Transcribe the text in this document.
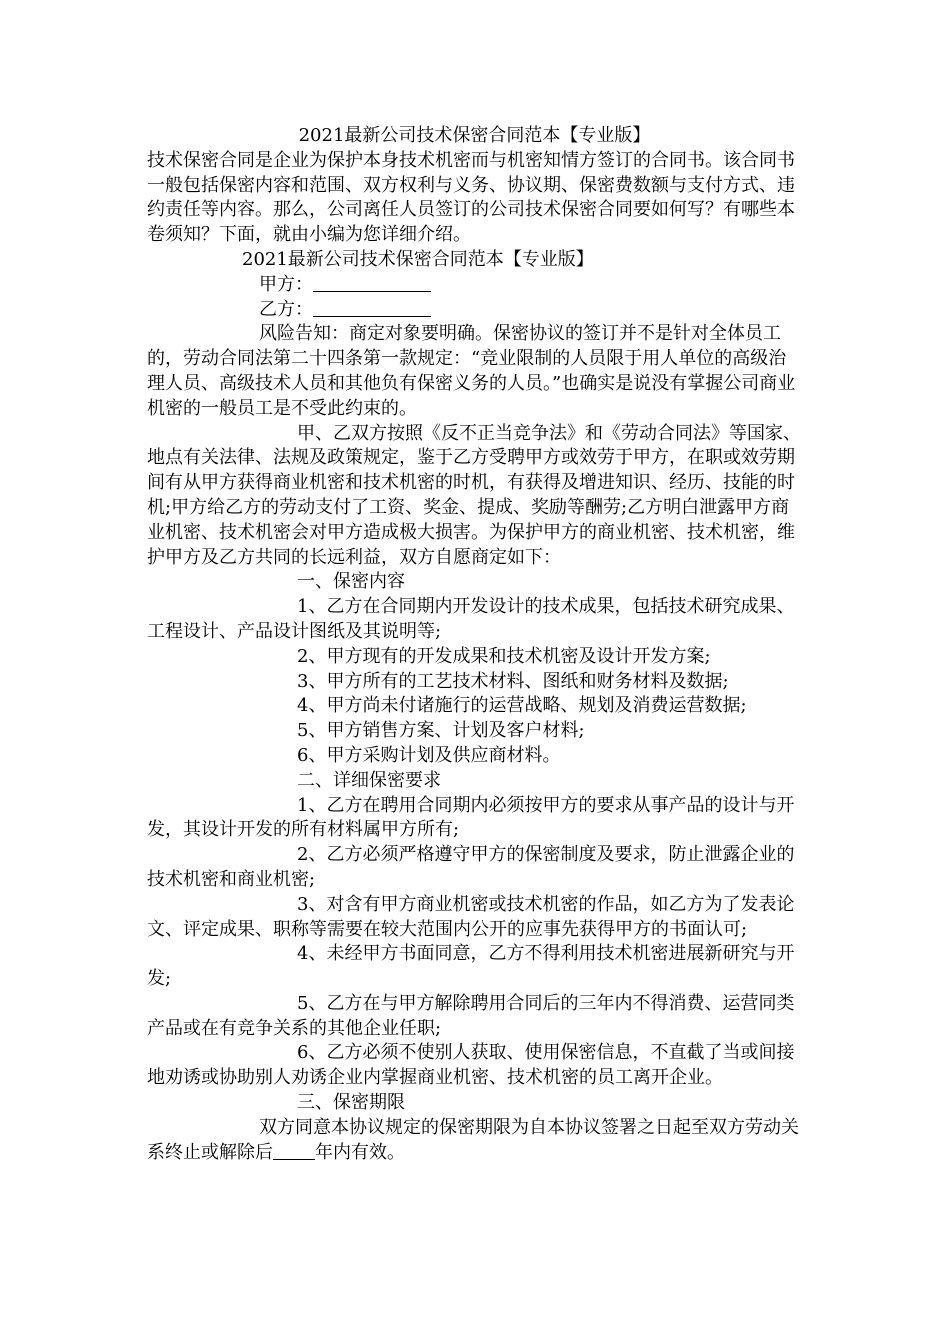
2021最新公司技术保密合同范本【专业版】

技术保密合同是企业为保护本身技术机密而与机密知情方签订的合同书。该合同书一般包括保密内容和范围、双方权利与义务、协议期、保密费数额与支付方式、违约责任等内容。那么，公司离任人员签订的公司技术保密合同要如何写？有哪些本卷须知？下面，就由小编为您详细介绍。

2021最新公司技术保密合同范本【专业版】

甲方：

乙方：

风险告知：商定对象要明确。保密协议的签订并不是针对全体员工的，劳动合同法第二十四条第一款规定：“竞业限制的人员限于用人单位的高级治理人员、高级技术人员和其他负有保密义务的人员。”也确实是说没有掌握公司商业机密的一般员工是不受此约束的。

甲、乙双方按照《反不正当竞争法》和《劳动合同法》等国家、地点有关法律、法规及政策规定，鉴于乙方受聘甲方或效劳于甲方，在职或效劳期间有从甲方获得商业机密和技术机密的时机，有获得及增进知识、经历、技能的时机;甲方给乙方的劳动支付了工资、奖金、提成、奖励等酬劳;乙方明白泄露甲方商业机密、技术机密会对甲方造成极大损害。为保护甲方的商业机密、技术机密，维护甲方及乙方共同的长远利益，双方自愿商定如下：

一、保密内容

1、乙方在合同期内开发设计的技术成果，包括技术研究成果、工程设计、产品设计图纸及其说明等;

2、甲方现有的开发成果和技术机密及设计开发方案;

3、甲方所有的工艺技术材料、图纸和财务材料及数据;

4、甲方尚未付诸施行的运营战略、规划及消费运营数据;

5、甲方销售方案、计划及客户材料;

6、甲方采购计划及供应商材料。

二、详细保密要求

1、乙方在聘用合同期内必须按甲方的要求从事产品的设计与开发，其设计开发的所有材料属甲方所有;

2、乙方必须严格遵守甲方的保密制度及要求，防止泄露企业的技术机密和商业机密;

3、对含有甲方商业机密或技术机密的作品，如乙方为了发表论文、评定成果、职称等需要在较大范围内公开的应事先获得甲方的书面认可;

4、未经甲方书面同意，乙方不得利用技术机密进展新研究与开发;

5、乙方在与甲方解除聘用合同后的三年内不得消费、运营同类产品或在有竞争关系的其他企业任职;

6、乙方必须不使别人获取、使用保密信息，不直截了当或间接地劝诱或协助别人劝诱企业内掌握商业机密、技术机密的员工离开企业。

三、保密期限

双方同意本协议规定的保密期限为自本协议签署之日起至双方劳动关系终止或解除后 年内有效。
